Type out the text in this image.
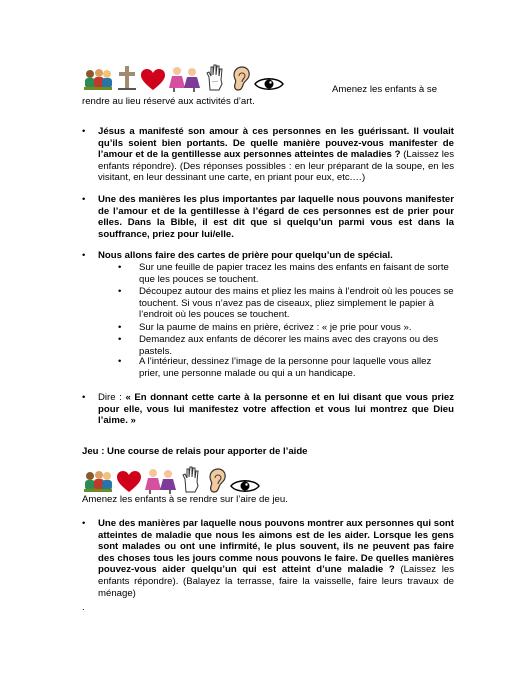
Amenez les enfants à se
rendre au lieu réservé aux activités d’art.
• Jésus a manifesté son amour à ces personnes en les guérissant. Il voulait qu’ils soient bien portants. De quelle manière pouvez-vous manifester de l’amour et de la gentillesse aux personnes atteintes de maladies ? (Laissez les enfants répondre). (Des réponses possibles : en leur préparant de la soupe, en les visitant, en leur dessinant une carte, en priant pour eux, etc.…)
• Une des manières les plus importantes par laquelle nous pouvons manifester de l’amour et de la gentillesse à l’égard de ces personnes est de prier pour elles. Dans la Bible, il est dit que si quelqu’un parmi vous est dans la souffrance, priez pour lui/elle.
• Nous allons faire des cartes de prière pour quelqu’un de spécial.
• Sur une feuille de papier tracez les mains des enfants en faisant de sorte que les pouces se touchent.
• Découpez autour des mains et pliez les mains à l’endroit où les pouces se touchent. Si vous n’avez pas de ciseaux, pliez simplement le papier à l’endroit où les pouces se touchent.
• Sur la paume de mains en prière, écrivez : « je prie pour vous ».
• Demandez aux enfants de décorer les mains avec des crayons ou des pastels.
• A l’intérieur, dessinez l’image de la personne pour laquelle vous allez prier, une personne malade ou qui a un handicape.
• Dire : « En donnant cette carte à la personne et en lui disant que vous priez pour elle, vous lui manifestez votre affection et vous lui montrez que Dieu l’aime. »
Jeu : Une course de relais pour apporter de l’aide
Amenez les enfants à se rendre sur l’aire de jeu.
• Une des manières par laquelle nous pouvons montrer aux personnes qui sont atteintes de maladie que nous les aimons est de les aider. Lorsque les gens sont malades ou ont une infirmité, le plus souvent, ils ne peuvent pas faire des choses tous les jours comme nous pouvons le faire. De quelles manières pouvez-vous aider quelqu’un qui est atteint d’une maladie ? (Laissez les enfants répondre). (Balayez la terrasse, faire la vaisselle, faire leurs travaux de ménage)
.
